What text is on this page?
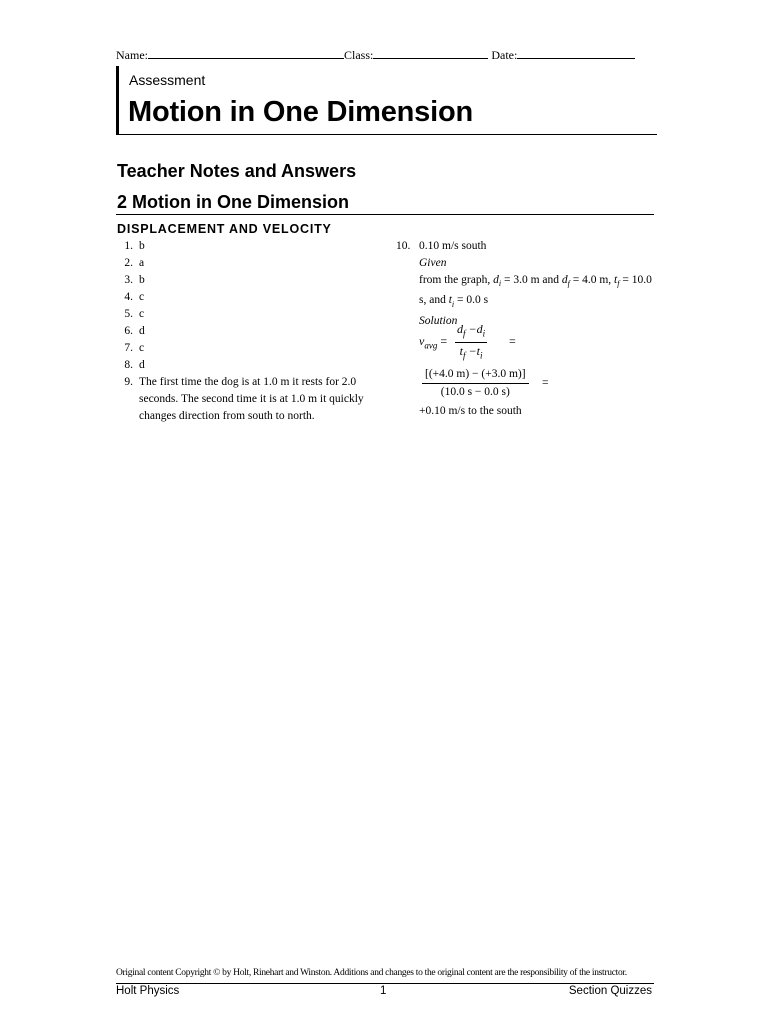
Name:	Class:	Date:
Assessment
Motion in One Dimension
Teacher Notes and Answers
2 Motion in One Dimension
DISPLACEMENT AND VELOCITY
1. b
2. a
3. b
4. c
5. c
6. d
7. c
8. d
9. The first time the dog is at 1.0 m it rests for 2.0 seconds. The second time it is at 1.0 m it quickly changes direction from south to north.
10. 0.10 m/s south
Given
from the graph, $d_i = 3.0$ m and $d_f = 4.0$ m, $t_f = 10.0$ s, and $t_i = 0.0$ s
Solution
$v_{avg} = \frac{d_f -d_i}{t_f -t_i}$ =
$\frac{[(+4.0 m) - (+3.0 m)]}{(10.0 s - 0.0 s)}$ =
+0.10 m/s to the south
Original content Copyright © by Holt, Rinehart and Winston. Additions and changes to the original content are the responsibility of the instructor.
Holt Physics	1	Section Quizzes
